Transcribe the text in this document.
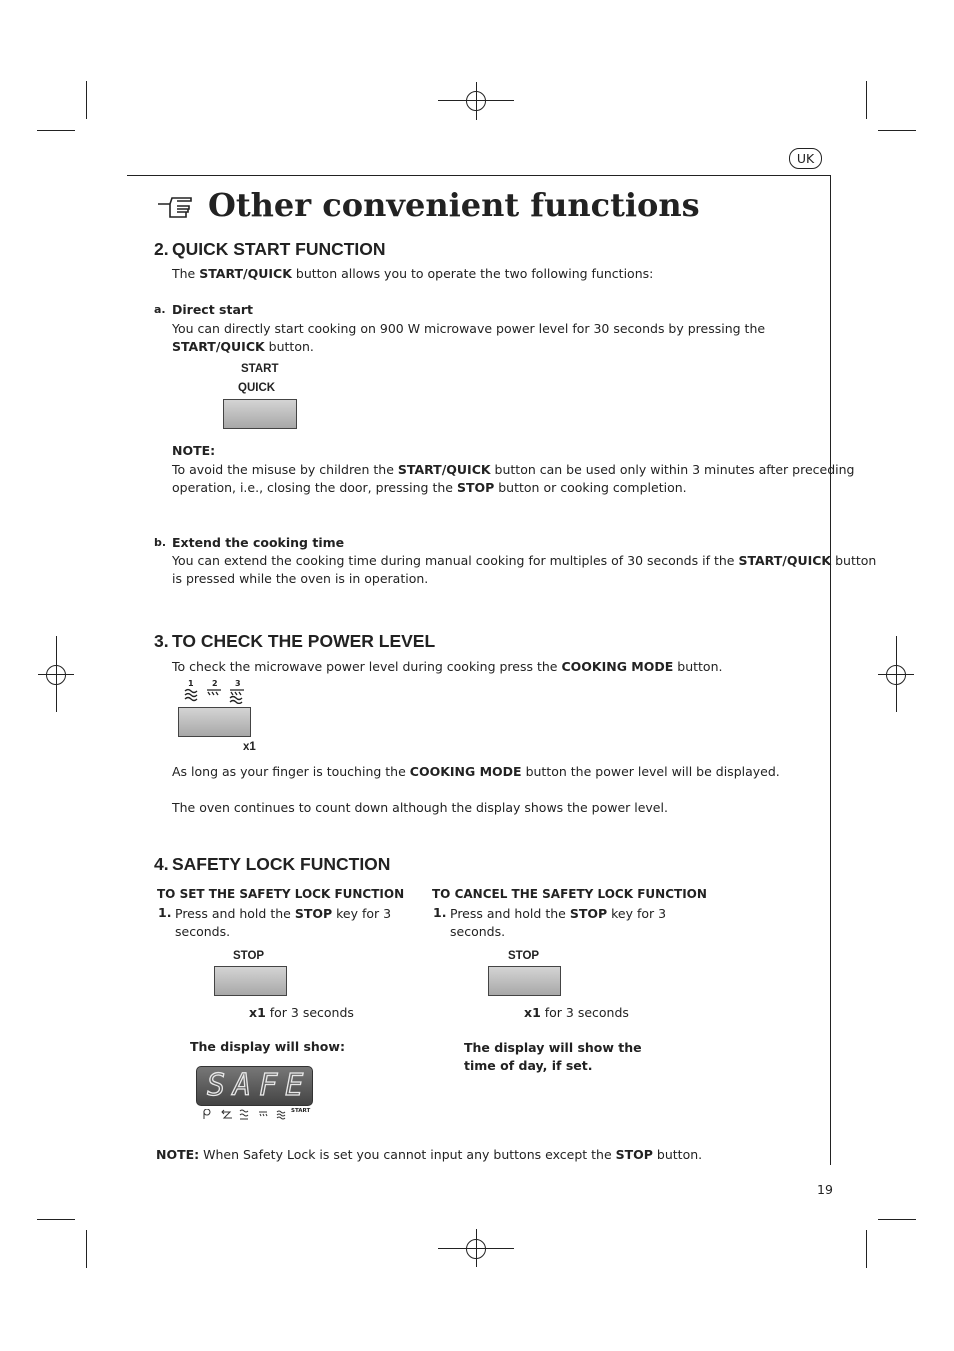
UK
Other convenient functions
2. QUICK START FUNCTION
The START/QUICK button allows you to operate the two following functions:
a. Direct start
You can directly start cooking on 900 W microwave power level for 30 seconds by pressing the
START/QUICK button.
START
QUICK
NOTE:
To avoid the misuse by children the START/QUICK button can be used only within 3 minutes after preceding
operation, i.e., closing the door, pressing the STOP button or cooking completion.
b. Extend the cooking time
You can extend the cooking time during manual cooking for multiples of 30 seconds if the START/QUICK button
is pressed while the oven is in operation.
3. TO CHECK THE POWER LEVEL
To check the microwave power level during cooking press the COOKING MODE button.
1 2 3
x1
As long as your finger is touching the COOKING MODE button the power level will be displayed.
The oven continues to count down although the display shows the power level.
4. SAFETY LOCK FUNCTION
TO SET THE SAFETY LOCK FUNCTION
1. Press and hold the STOP key for 3
seconds.
STOP
x1 for 3 seconds
The display will show:
SAFE
START
TO CANCEL THE SAFETY LOCK FUNCTION
1. Press and hold the STOP key for 3
seconds.
STOP
x1 for 3 seconds
The display will show the
time of day, if set.
NOTE: When Safety Lock is set you cannot input any buttons except the STOP button.
19
